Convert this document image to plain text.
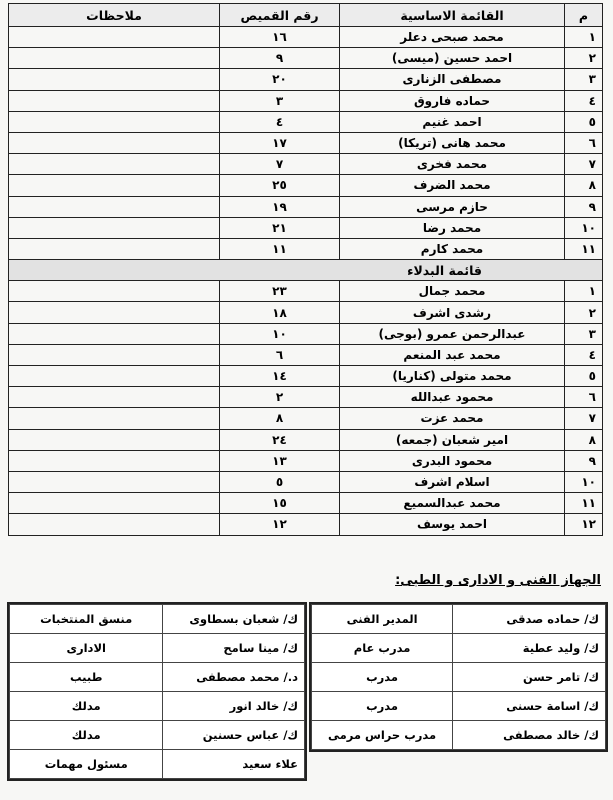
م	القائمة الاساسية	رقم القميص	ملاحظات
١	محمد صبحى دعلر	١٦	
٢	احمد حسين (ميسى)	٩	
٣	مصطفى الزنارى	٢٠	
٤	حماده فاروق	٣	
٥	احمد غنيم	٤	
٦	محمد هانى (تريكا)	١٧	
٧	محمد فخرى	٧	
٨	محمد الضرف	٢٥	
٩	حازم مرسى	١٩	
١٠	محمد رضا	٢١	
١١	محمد كارم	١١	
قائمة البدلاء			
١	محمد جمال	٢٣	
٢	رشدى اشرف	١٨	
٣	عبدالرحمن عمرو (بوجى)	١٠	
٤	محمد عبد المنعم	٦	
٥	محمد متولى (كناريا)	١٤	
٦	محمود عبدالله	٢	
٧	محمد عزت	٨	
٨	امير شعبان (جمعه)	٢٤	
٩	محمود البدرى	١٣	
١٠	اسلام اشرف	٥	
١١	محمد عبدالسميع	١٥	
١٢	احمد يوسف	١٢	
الجهاز الفنى و الادارى و الطبى:
ك/ حماده صدقى	المدير الفنى
ك/ وليد عطية	مدرب عام
ك/ تامر حسن	مدرب
ك/ اسامة حسنى	مدرب
ك/ خالد مصطفى	مدرب حراس مرمى
ك/ شعبان بسطاوى	منسق المنتخبات
ك/ مينا سامح	الادارى
د./ محمد مصطفى	طبيب
ك/ خالد انور	مدلك
ك/ عباس حسنين	مدلك
علاء سعيد	مسئول مهمات
